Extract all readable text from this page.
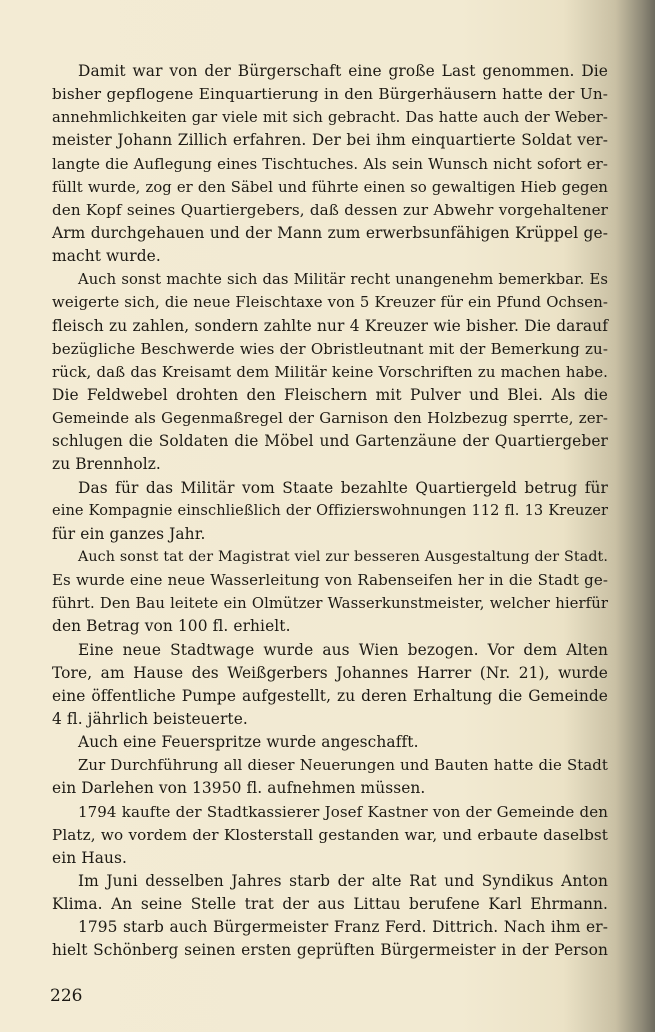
Damit war von der Bürgerschaft eine große Last genommen. Die
bisher gepflogene Einquartierung in den Bürgerhäusern hatte der Un-
annehmlichkeiten gar viele mit sich gebracht. Das hatte auch der Weber-
meister Johann Zillich erfahren. Der bei ihm einquartierte Soldat ver-
langte die Auflegung eines Tischtuches. Als sein Wunsch nicht sofort er-
füllt wurde, zog er den Säbel und führte einen so gewaltigen Hieb gegen
den Kopf seines Quartiergebers, daß dessen zur Abwehr vorgehaltener
Arm durchgehauen und der Mann zum erwerbsunfähigen Krüppel ge-
macht wurde.
Auch sonst machte sich das Militär recht unangenehm bemerkbar. Es
weigerte sich, die neue Fleischtaxe von 5 Kreuzer für ein Pfund Ochsen-
fleisch zu zahlen, sondern zahlte nur 4 Kreuzer wie bisher. Die darauf
bezügliche Beschwerde wies der Obristleutnant mit der Bemerkung zu-
rück, daß das Kreisamt dem Militär keine Vorschriften zu machen habe.
Die Feldwebel drohten den Fleischern mit Pulver und Blei. Als die
Gemeinde als Gegenmaßregel der Garnison den Holzbezug sperrte, zer-
schlugen die Soldaten die Möbel und Gartenzäune der Quartiergeber
zu Brennholz.
Das für das Militär vom Staate bezahlte Quartiergeld betrug für
eine Kompagnie einschließlich der Offizierswohnungen 112 fl. 13 Kreuzer
für ein ganzes Jahr.
Auch sonst tat der Magistrat viel zur besseren Ausgestaltung der Stadt.
Es wurde eine neue Wasserleitung von Rabenseifen her in die Stadt ge-
führt. Den Bau leitete ein Olmützer Wasserkunstmeister, welcher hierfür
den Betrag von 100 fl. erhielt.
Eine neue Stadtwage wurde aus Wien bezogen. Vor dem Alten
Tore, am Hause des Weißgerbers Johannes Harrer (Nr. 21), wurde
eine öffentliche Pumpe aufgestellt, zu deren Erhaltung die Gemeinde
4 fl. jährlich beisteuerte.
Auch eine Feuerspritze wurde angeschafft.
Zur Durchführung all dieser Neuerungen und Bauten hatte die Stadt
ein Darlehen von 13950 fl. aufnehmen müssen.
1794 kaufte der Stadtkassierer Josef Kastner von der Gemeinde den
Platz, wo vordem der Klosterstall gestanden war, und erbaute daselbst
ein Haus.
Im Juni desselben Jahres starb der alte Rat und Syndikus Anton
Klima. An seine Stelle trat der aus Littau berufene Karl Ehrmann.
1795 starb auch Bürgermeister Franz Ferd. Dittrich. Nach ihm er-
hielt Schönberg seinen ersten geprüften Bürgermeister in der Person
226
